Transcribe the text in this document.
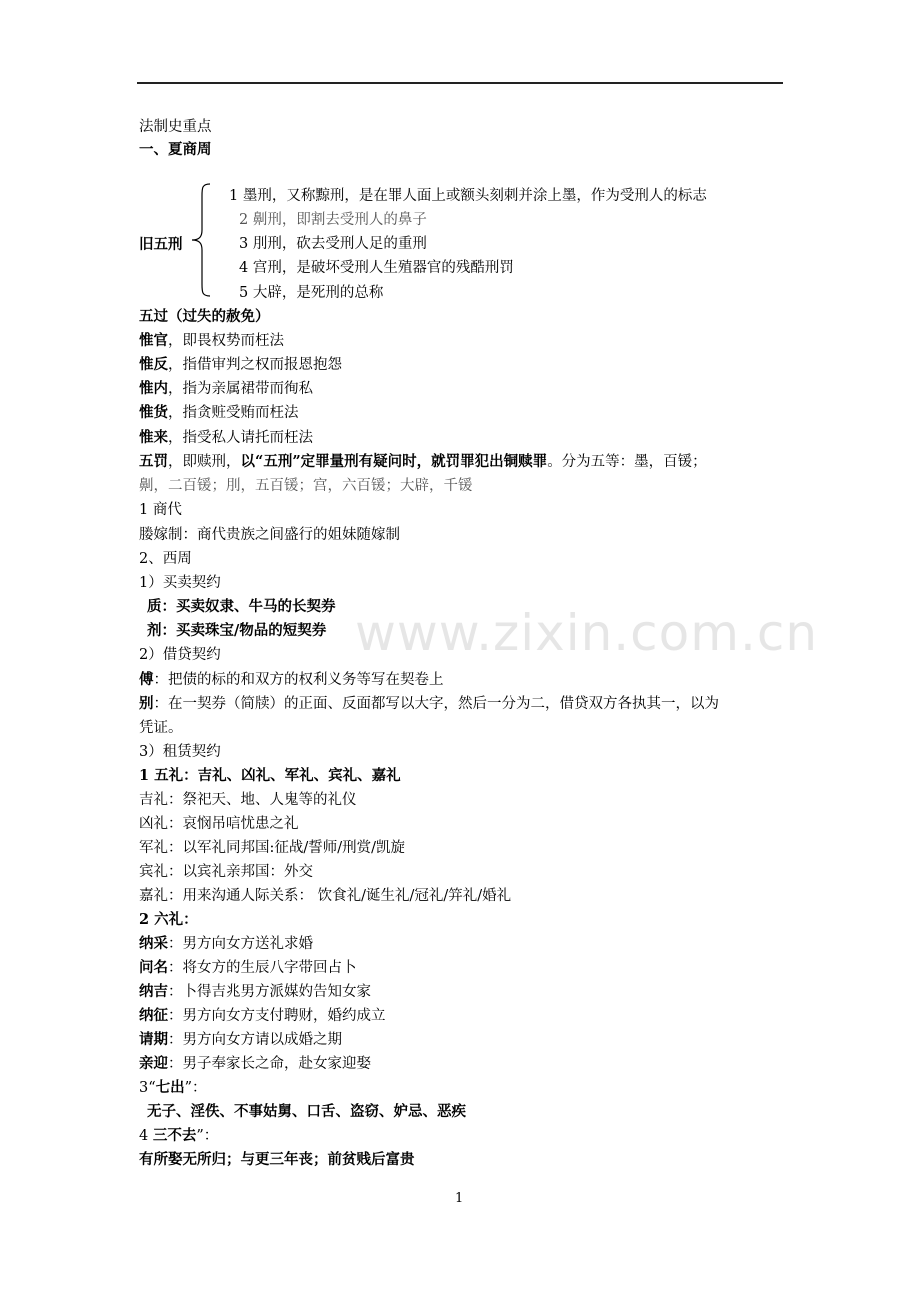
法制史重点
一、夏商周
旧五刑
1 墨刑，又称黥刑，是在罪人面上或额头刻刺并涂上墨，作为受刑人的标志
2 劓刑，即割去受刑人的鼻子
3 刖刑，砍去受刑人足的重刑
4 宫刑，是破坏受刑人生殖器官的残酷刑罚
5 大辟，是死刑的总称
五过（过失的赦免）
惟官，即畏权势而枉法
惟反，指借审判之权而报恩抱怨
惟内，指为亲属裙带而徇私
惟货，指贪赃受贿而枉法
惟来，指受私人请托而枉法
五罚，即赎刑，以“五刑”定罪量刑有疑问时，就罚罪犯出铜赎罪。分为五等：墨，百锾；
劓，二百锾；刖，五百锾；宫，六百锾；大辟，千锾
1 商代
媵嫁制：商代贵族之间盛行的姐妹随嫁制
2、西周
1）买卖契约
质：买卖奴隶、牛马的长契券
剂：买卖珠宝/物品的短契券
2）借贷契约
傅：把债的标的和双方的权利义务等写在契卷上
别：在一契券（简牍）的正面、反面都写以大字，然后一分为二，借贷双方各执其一，以为
凭证。
3）租赁契约
1 五礼：吉礼、凶礼、军礼、宾礼、嘉礼
吉礼：祭祀天、地、人鬼等的礼仪
凶礼：哀悯吊唁忧患之礼
军礼：以军礼同邦国:征战/誓师/刑赏/凯旋
宾礼：以宾礼亲邦国：外交
嘉礼：用来沟通人际关系： 饮食礼/诞生礼/冠礼/笄礼/婚礼
2 六礼：
纳采：男方向女方送礼求婚
问名：将女方的生辰八字带回占卜
纳吉：卜得吉兆男方派媒妁告知女家
纳征：男方向女方支付聘财，婚约成立
请期：男方向女方请以成婚之期
亲迎：男子奉家长之命，赴女家迎娶
3“七出”：
无子、淫佚、不事姑舅、口舌、盗窃、妒忌、恶疾
4 三不去”：
有所娶无所归；与更三年丧；前贫贱后富贵
www.zixin.com.cn
1
